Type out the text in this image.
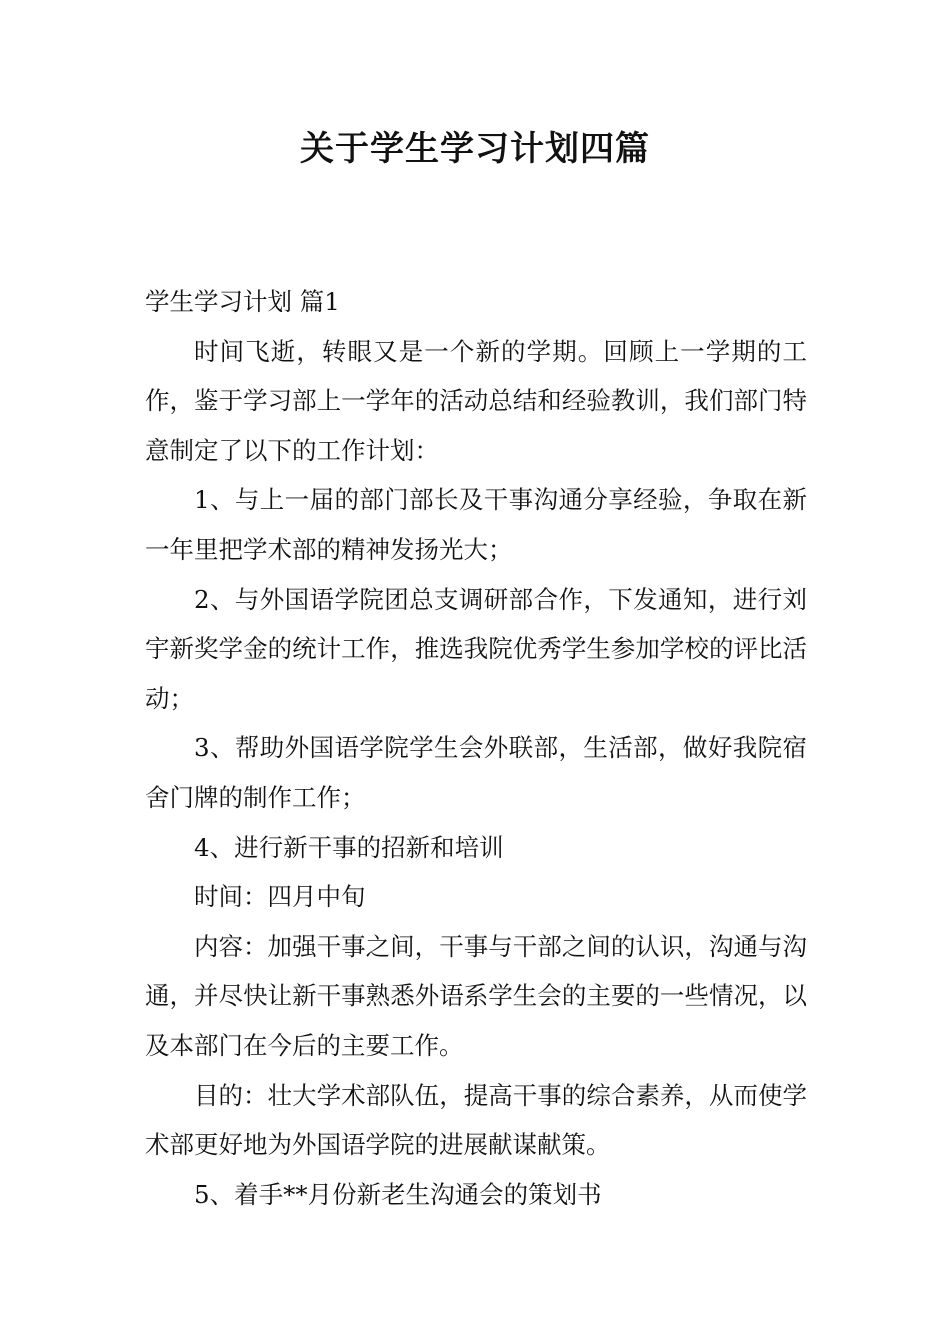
关于学生学习计划四篇

学生学习计划 篇1

时间飞逝，转眼又是一个新的学期。回顾上一学期的工作，鉴于学习部上一学年的活动总结和经验教训，我们部门特意制定了以下的工作计划：

1、与上一届的部门部长及干事沟通分享经验，争取在新一年里把学术部的精神发扬光大；

2、与外国语学院团总支调研部合作，下发通知，进行刘宇新奖学金的统计工作，推选我院优秀学生参加学校的评比活动；

3、帮助外国语学院学生会外联部，生活部，做好我院宿舍门牌的制作工作；

4、进行新干事的招新和培训

时间：四月中旬

内容：加强干事之间，干事与干部之间的认识，沟通与沟通，并尽快让新干事熟悉外语系学生会的主要的一些情况，以及本部门在今后的主要工作。

目的：壮大学术部队伍，提高干事的综合素养，从而使学术部更好地为外国语学院的进展献谋献策。

5、着手**月份新老生沟通会的策划书
